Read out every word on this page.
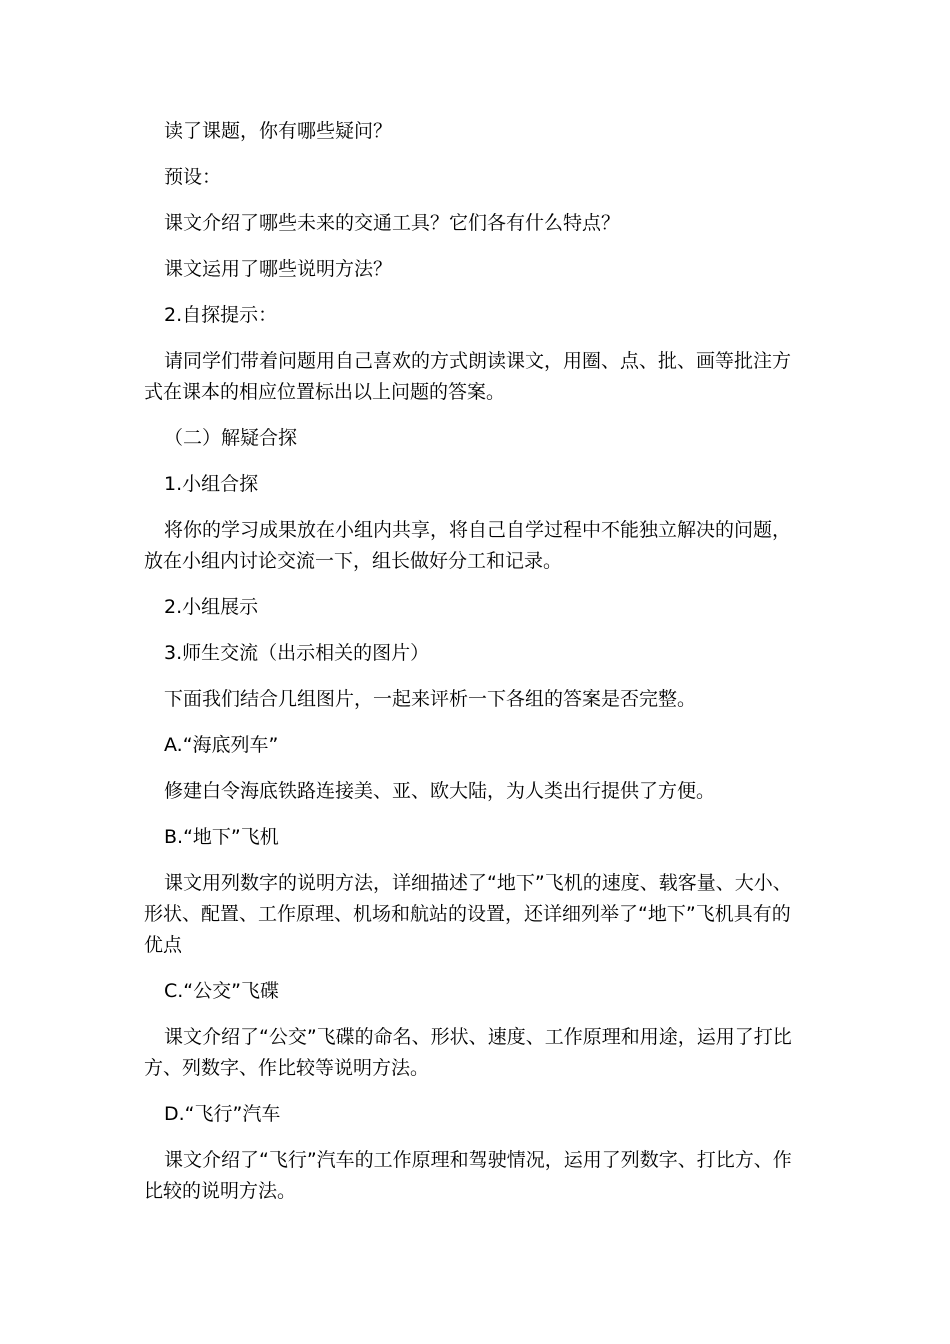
读了课题，你有哪些疑问？

预设：

课文介绍了哪些未来的交通工具？它们各有什么特点？

课文运用了哪些说明方法？

2.自探提示：

请同学们带着问题用自己喜欢的方式朗读课文，用圈、点、批、画等批注方式在课本的相应位置标出以上问题的答案。

（二）解疑合探

1.小组合探

将你的学习成果放在小组内共享，将自己自学过程中不能独立解决的问题，放在小组内讨论交流一下，组长做好分工和记录。

2.小组展示

3.师生交流（出示相关的图片）

下面我们结合几组图片，一起来评析一下各组的答案是否完整。

A.“海底列车”

修建白令海底铁路连接美、亚、欧大陆，为人类出行提供了方便。

B.“地下”飞机

课文用列数字的说明方法，详细描述了“地下”飞机的速度、载客量、大小、形状、配置、工作原理、机场和航站的设置，还详细列举了“地下”飞机具有的优点

C.“公交”飞碟

课文介绍了“公交”飞碟的命名、形状、速度、工作原理和用途，运用了打比方、列数字、作比较等说明方法。

D.“飞行”汽车

课文介绍了“飞行”汽车的工作原理和驾驶情况，运用了列数字、打比方、作比较的说明方法。
